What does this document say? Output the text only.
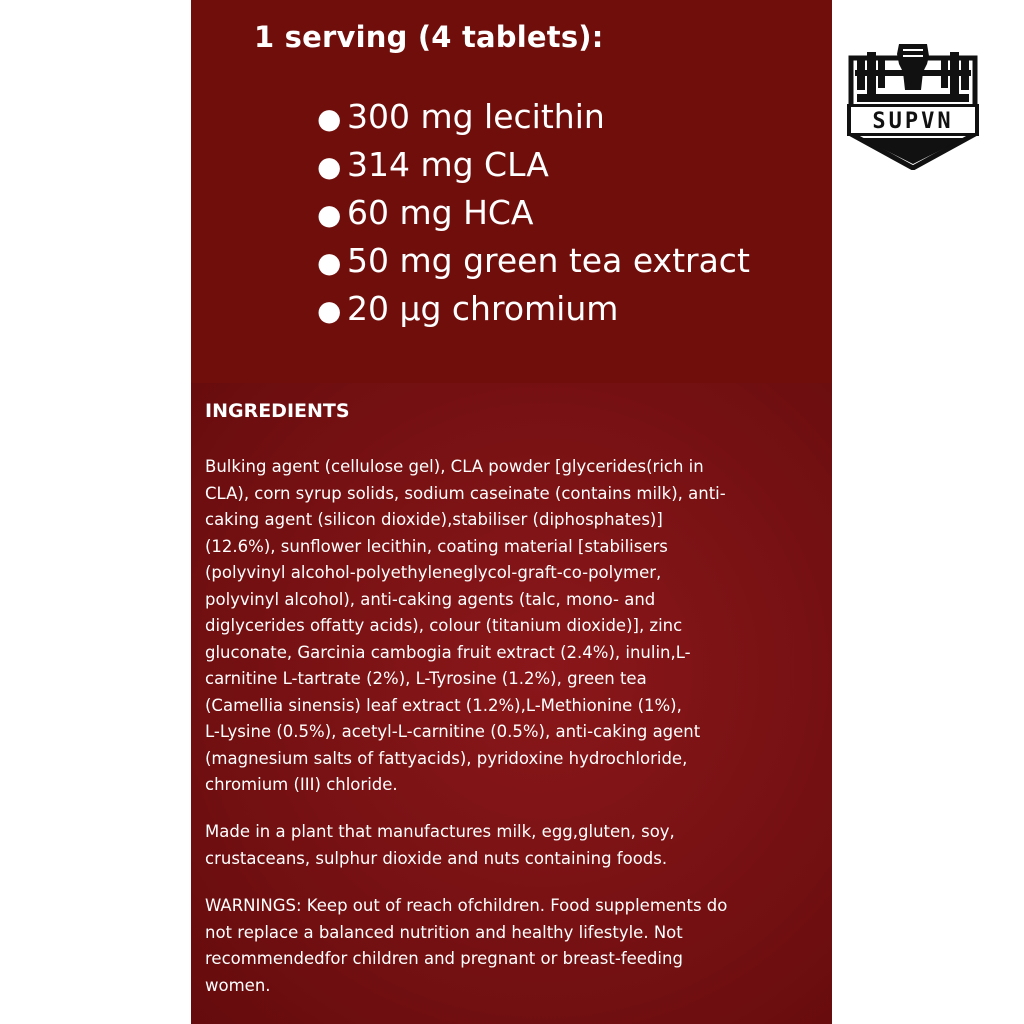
1 serving (4 tablets):
● 300 mg lecithin
● 314 mg CLA
● 60 mg HCA
● 50 mg green tea extract
● 20 µg chromium
INGREDIENTS
Bulking agent (cellulose gel), CLA powder [glycerides(rich in
CLA), corn syrup solids, sodium caseinate (contains milk), anti-
caking agent (silicon dioxide),stabiliser (diphosphates)]
(12.6%), sunflower lecithin, coating material [stabilisers
(polyvinyl alcohol-polyethyleneglycol-graft-co-polymer,
polyvinyl alcohol), anti-caking agents (talc, mono- and
diglycerides offatty acids), colour (titanium dioxide)], zinc
gluconate, Garcinia cambogia fruit extract (2.4%), inulin,L-
carnitine L-tartrate (2%), L-Tyrosine (1.2%), green tea
(Camellia sinensis) leaf extract (1.2%),L-Methionine (1%),
L-Lysine (0.5%), acetyl-L-carnitine (0.5%), anti-caking agent
(magnesium salts of fattyacids), pyridoxine hydrochloride,
chromium (III) chloride.
Made in a plant that manufactures milk, egg,gluten, soy,
crustaceans, sulphur dioxide and nuts containing foods.
WARNINGS: Keep out of reach ofchildren. Food supplements do
not replace a balanced nutrition and healthy lifestyle. Not
recommendedfor children and pregnant or breast-feeding
women.
SUPVN
